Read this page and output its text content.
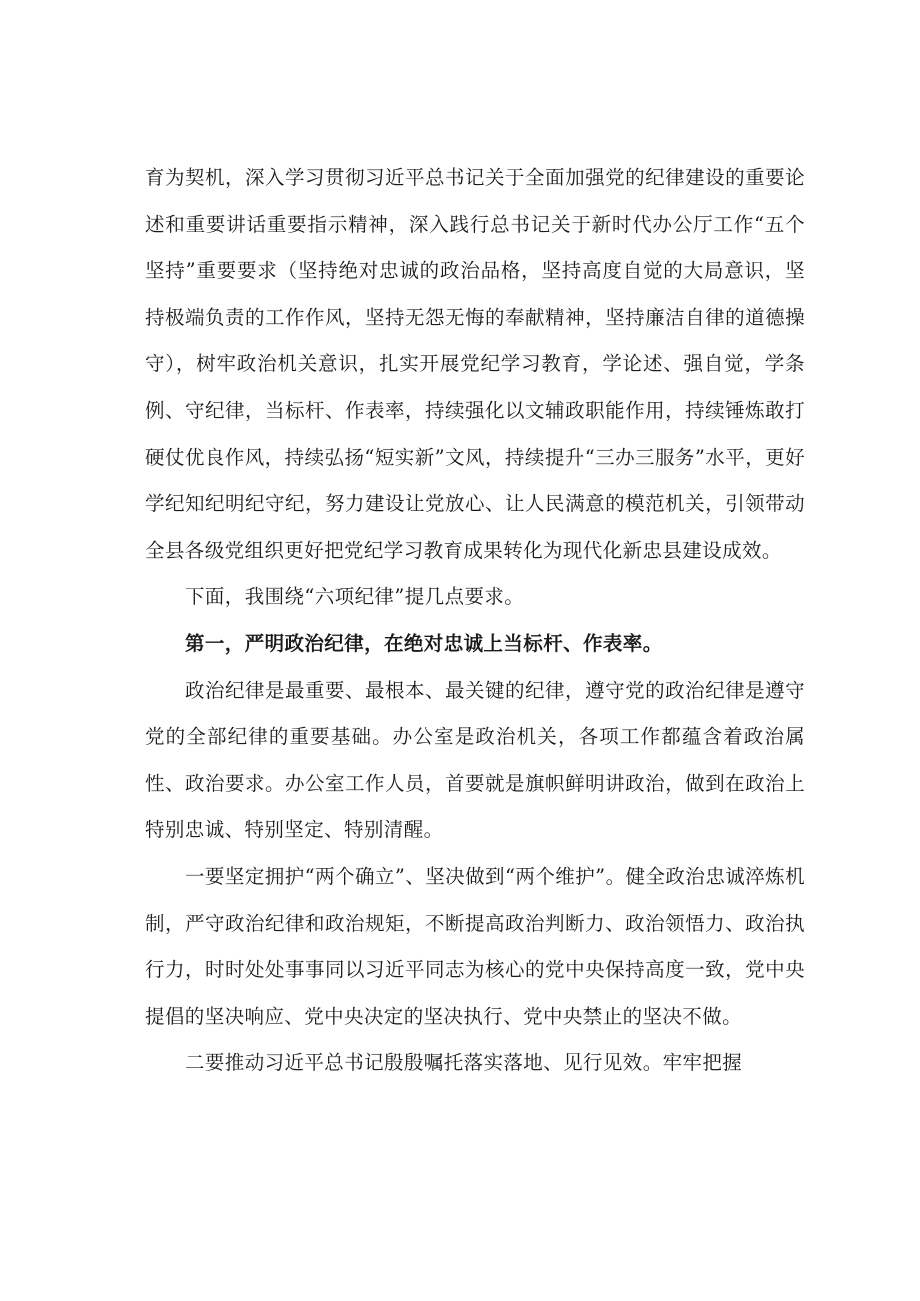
育为契机，深入学习贯彻习近平总书记关于全面加强党的纪律建设的重要论述和重要讲话重要指示精神，深入践行总书记关于新时代办公厅工作“五个坚持”重要要求（坚持绝对忠诚的政治品格，坚持高度自觉的大局意识，坚持极端负责的工作作风，坚持无怨无悔的奉献精神，坚持廉洁自律的道德操守），树牢政治机关意识，扎实开展党纪学习教育，学论述、强自觉，学条例、守纪律，当标杆、作表率，持续强化以文辅政职能作用，持续锤炼敢打硬仗优良作风，持续弘扬“短实新”文风，持续提升“三办三服务”水平，更好学纪知纪明纪守纪，努力建设让党放心、让人民满意的模范机关，引领带动全县各级党组织更好把党纪学习教育成果转化为现代化新忠县建设成效。

下面，我围绕“六项纪律”提几点要求。

第一，严明政治纪律，在绝对忠诚上当标杆、作表率。

政治纪律是最重要、最根本、最关键的纪律，遵守党的政治纪律是遵守党的全部纪律的重要基础。办公室是政治机关，各项工作都蕴含着政治属性、政治要求。办公室工作人员，首要就是旗帜鲜明讲政治，做到在政治上特别忠诚、特别坚定、特别清醒。

一要坚定拥护“两个确立”、坚决做到“两个维护”。健全政治忠诚淬炼机制，严守政治纪律和政治规矩，不断提高政治判断力、政治领悟力、政治执行力，时时处处事事同以习近平同志为核心的党中央保持高度一致，党中央提倡的坚决响应、党中央决定的坚决执行、党中央禁止的坚决不做。

二要推动习近平总书记殷殷嘱托落实落地、见行见效。牢牢把握
